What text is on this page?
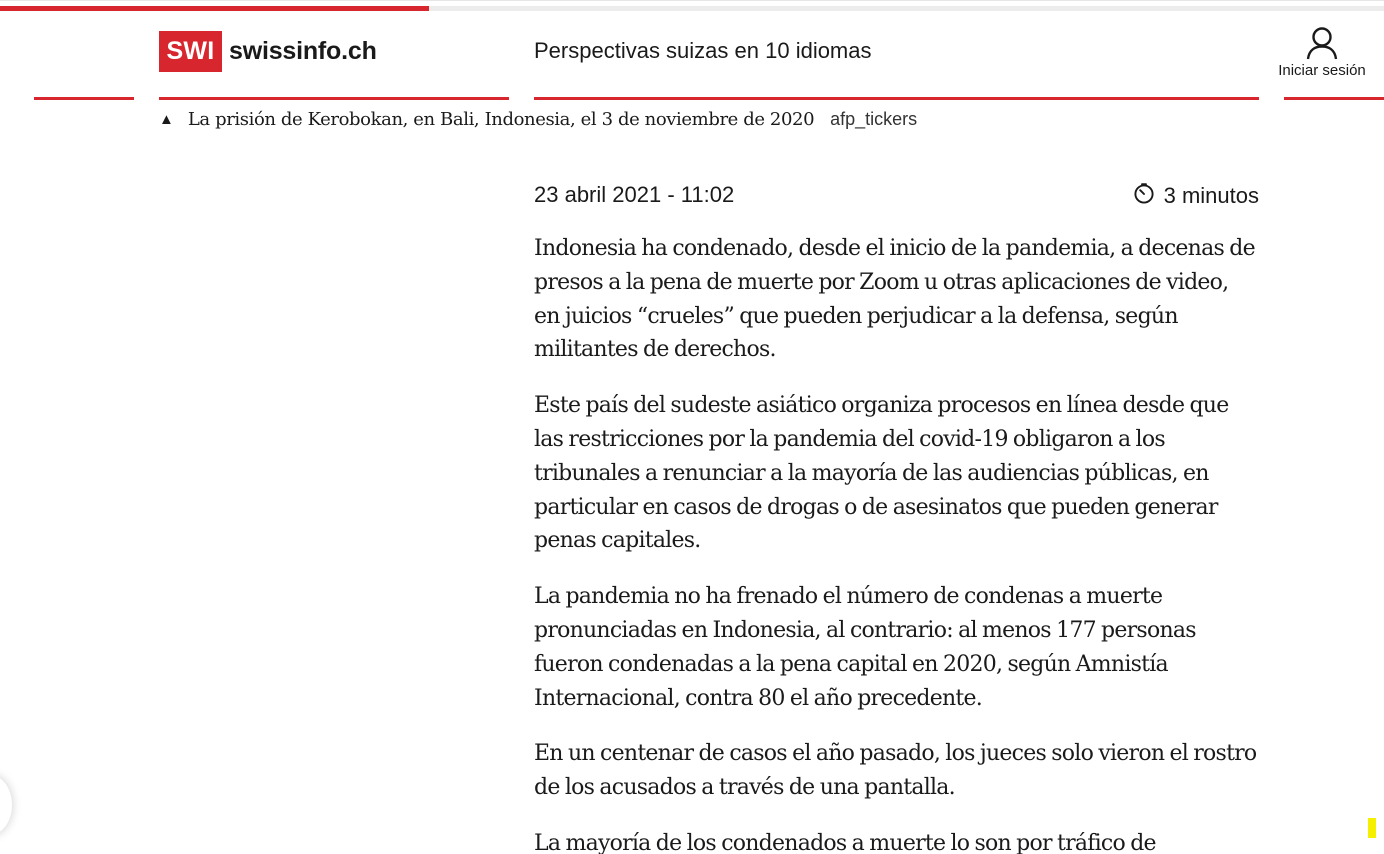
SWI swissinfo.ch	Perspectivas suizas en 10 idiomas
Iniciar sesión
▲ La prisión de Kerobokan, en Bali, Indonesia, el 3 de noviembre de 2020 afp_tickers
23 abril 2021 - 11:02	3 minutos

Indonesia ha condenado, desde el inicio de la pandemia, a decenas de presos a la pena de muerte por Zoom u otras aplicaciones de video, en juicios “crueles” que pueden perjudicar a la defensa, según militantes de derechos.

Este país del sudeste asiático organiza procesos en línea desde que las restricciones por la pandemia del covid-19 obligaron a los tribunales a renunciar a la mayoría de las audiencias públicas, en particular en casos de drogas o de asesinatos que pueden generar penas capitales.

La pandemia no ha frenado el número de condenas a muerte pronunciadas en Indonesia, al contrario: al menos 177 personas fueron condenadas a la pena capital en 2020, según Amnistía Internacional, contra 80 el año precedente.

En un centenar de casos el año pasado, los jueces solo vieron el rostro de los acusados a través de una pantalla.

La mayoría de los condenados a muerte lo son por tráfico de
